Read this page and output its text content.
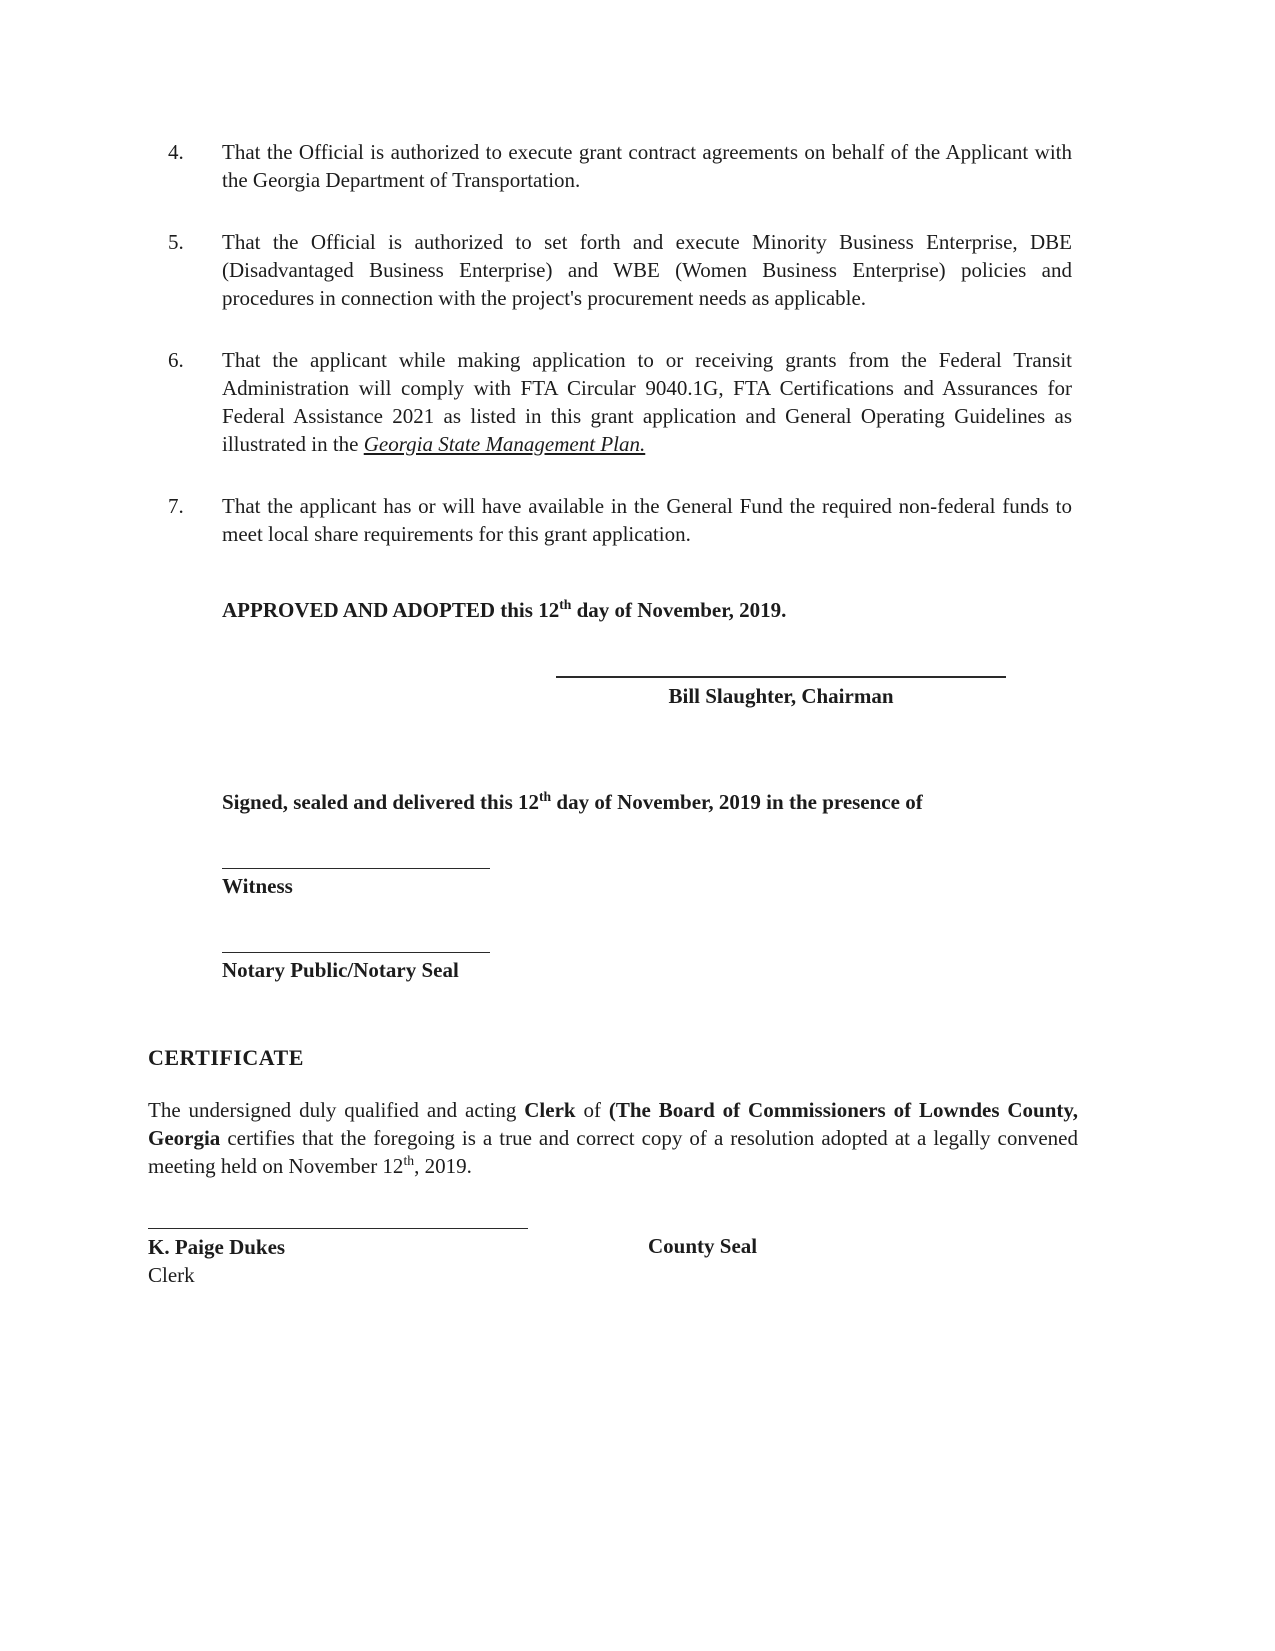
4.	That the Official is authorized to execute grant contract agreements on behalf of the Applicant with the Georgia Department of Transportation.

5.	That the Official is authorized to set forth and execute Minority Business Enterprise, DBE (Disadvantaged Business Enterprise) and WBE (Women Business Enterprise) policies and procedures in connection with the project's procurement needs as applicable.

6.	That the applicant while making application to or receiving grants from the Federal Transit Administration will comply with FTA Circular 9040.1G, FTA Certifications and Assurances for Federal Assistance 2021 as listed in this grant application and General Operating Guidelines as illustrated in the Georgia State Management Plan.

7.	That the applicant has or will have available in the General Fund the required non-federal funds to meet local share requirements for this grant application.

APPROVED AND ADOPTED this 12th day of November, 2019.

Bill Slaughter, Chairman

Signed, sealed and delivered this 12th day of November, 2019 in the presence of

Witness
Notary Public/Notary Seal
CERTIFICATE

The undersigned duly qualified and acting Clerk of (The Board of Commissioners of Lowndes County, Georgia certifies that the foregoing is a true and correct copy of a resolution adopted at a legally convened meeting held on November 12th, 2019.

K. Paige Dukes
Clerk
County Seal
